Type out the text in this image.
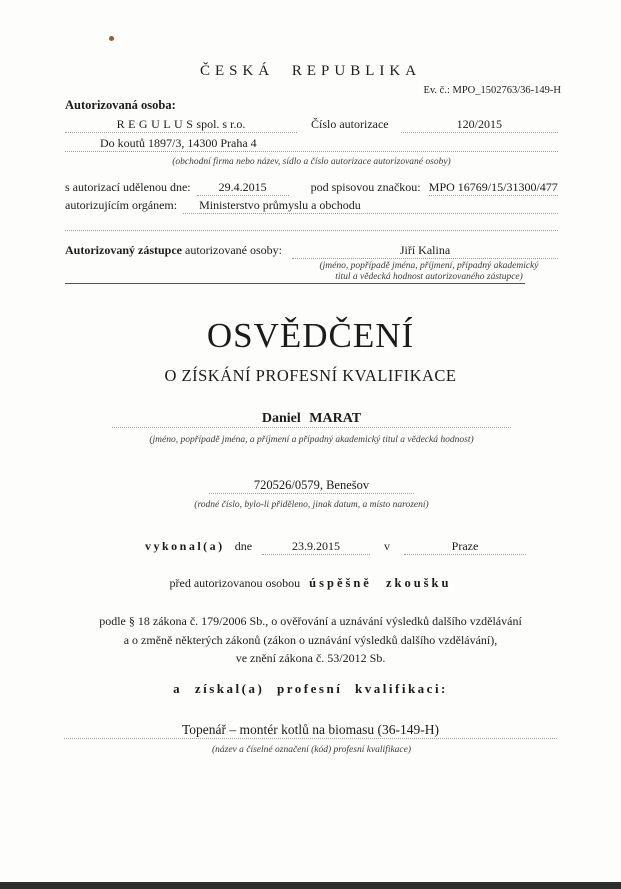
ČESKÁ REPUBLIKA
Ev. č.: MPO_1502763/36-149-H
Autorizovaná osoba:
REGULUSspol. s r.o.	Číslo autorizace	120/2015
Do koutů 1897/3, 14300 Praha 4
(obchodní firma nebo název, sídlo a číslo autorizace autorizované osoby)
s autorizací udělenou dne:	29.4.2015	pod spisovou značkou: MPO 16769/15/31300/477
autorizujícím orgánem:	Ministerstvo průmyslu a obchodu
Autorizovaný zástupce autorizované osoby:	Jiří Kalina
(jméno, popřípadě jména, příjmení, případný akademický
titul a vědecká hodnost autorizovaného zástupce)
OSVĚDČENÍ
O ZÍSKÁNÍ PROFESNÍ KVALIFIKACE
Daniel MARAT
(jméno, popřípadě jména, a příjmení a případný akademický titul a vědecká hodnost)
720526/0579, Benešov
(rodné číslo, bylo-li přiděleno, jinak datum, a místo narození)
vykonal(a) dne	23.9.2015	v	Praze
před autorizovanou osobou úspěšně zkoušku
podle § 18 zákona č. 179/2006 Sb., o ověřování a uznávání výsledků dalšího vzdělávání
a o změně některých zákonů (zákon o uznávání výsledků dalšího vzdělávání),
ve znění zákona č. 53/2012 Sb.
a získal(a) profesní kvalifikaci:
Topenář – montér kotlů na biomasu (36-149-H)
(název a číselné označení (kód) profesní kvalifikace)
